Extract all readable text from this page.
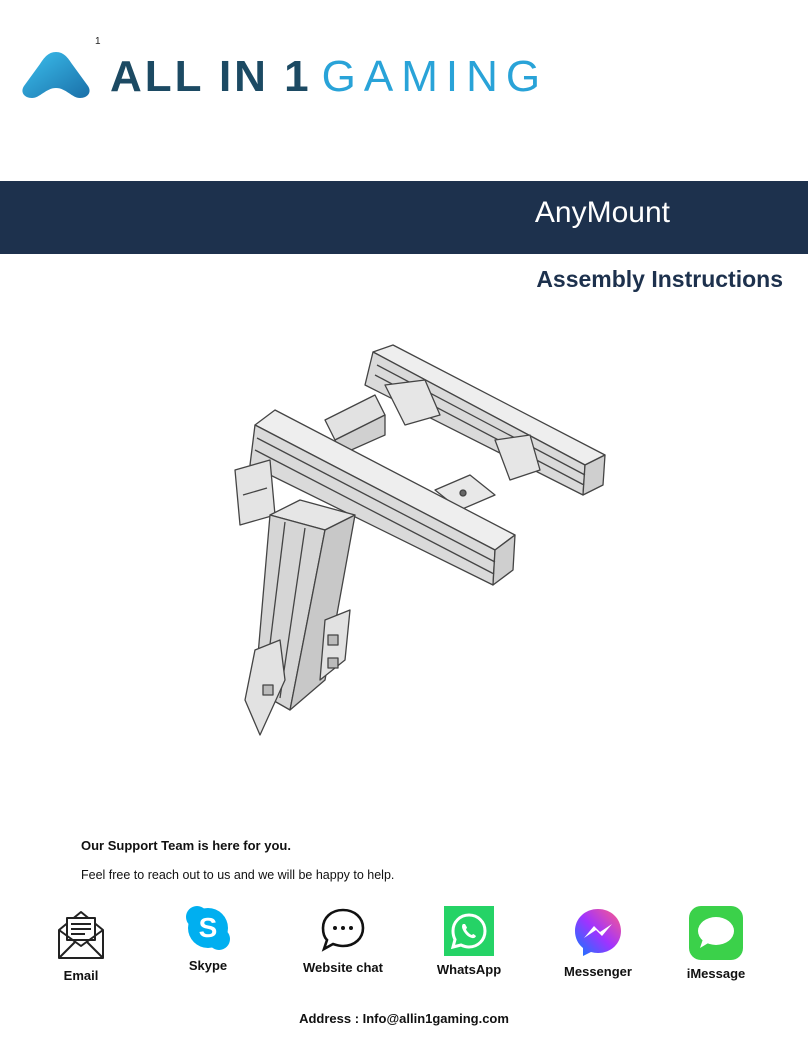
1
ALL IN 1 GAMING
AnyMount
Assembly Instructions
Our Support Team is here for you.
Feel free to reach out to us and we will be happy to help.
Email
S
Skype	Website chat	WhatsApp	Messenger	iMessage
Address : Info@allin1gaming.com
